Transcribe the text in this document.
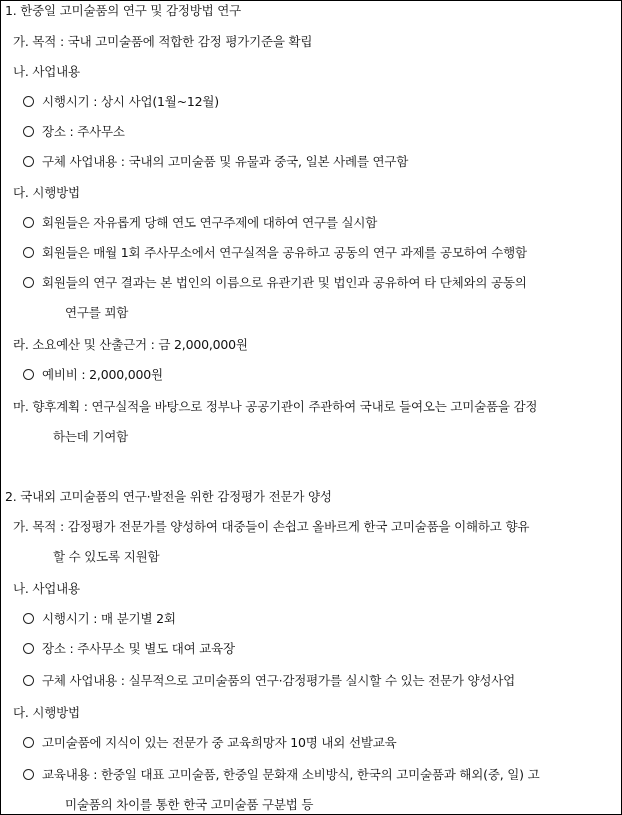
1. 한중일 고미술품의 연구 및 감정방법 연구
가. 목적 : 국내 고미술품에 적합한 감정 평가기준을 확립
나. 사업내용
시행시기 : 상시 사업(1월~12월)
장소 : 주사무소
구체 사업내용 : 국내의 고미술품 및 유물과 중국, 일본 사례를 연구함
다. 시행방법
회원들은 자유롭게 당해 연도 연구주제에 대하여 연구를 실시함
회원들은 매월 1회 주사무소에서 연구실적을 공유하고 공동의 연구 과제를 공모하여 수행함
회원들의 연구 결과는 본 법인의 이름으로 유관기관 및 법인과 공유하여 타 단체와의 공동의
연구를 꾀함
라. 소요예산 및 산출근거 : 금 2,000,000원
예비비 : 2,000,000원
마. 향후계획 : 연구실적을 바탕으로 정부나 공공기관이 주관하여 국내로 들여오는 고미술품을 감정
하는데 기여함
2. 국내외 고미술품의 연구·발전을 위한 감정평가 전문가 양성
가. 목적 : 감정평가 전문가를 양성하여 대중들이 손쉽고 올바르게 한국 고미술품을 이해하고 향유
할 수 있도록 지원함
나. 사업내용
시행시기 : 매 분기별 2회
장소 : 주사무소 및 별도 대여 교육장
구체 사업내용 : 실무적으로 고미술품의 연구·감정평가를 실시할 수 있는 전문가 양성사업
다. 시행방법
고미술품에 지식이 있는 전문가 중 교육희망자 10명 내외 선발교육
교육내용 : 한중일 대표 고미술품, 한중일 문화재 소비방식, 한국의 고미술품과 해외(중, 일) 고
미술품의 차이를 통한 한국 고미술품 구분법 등
